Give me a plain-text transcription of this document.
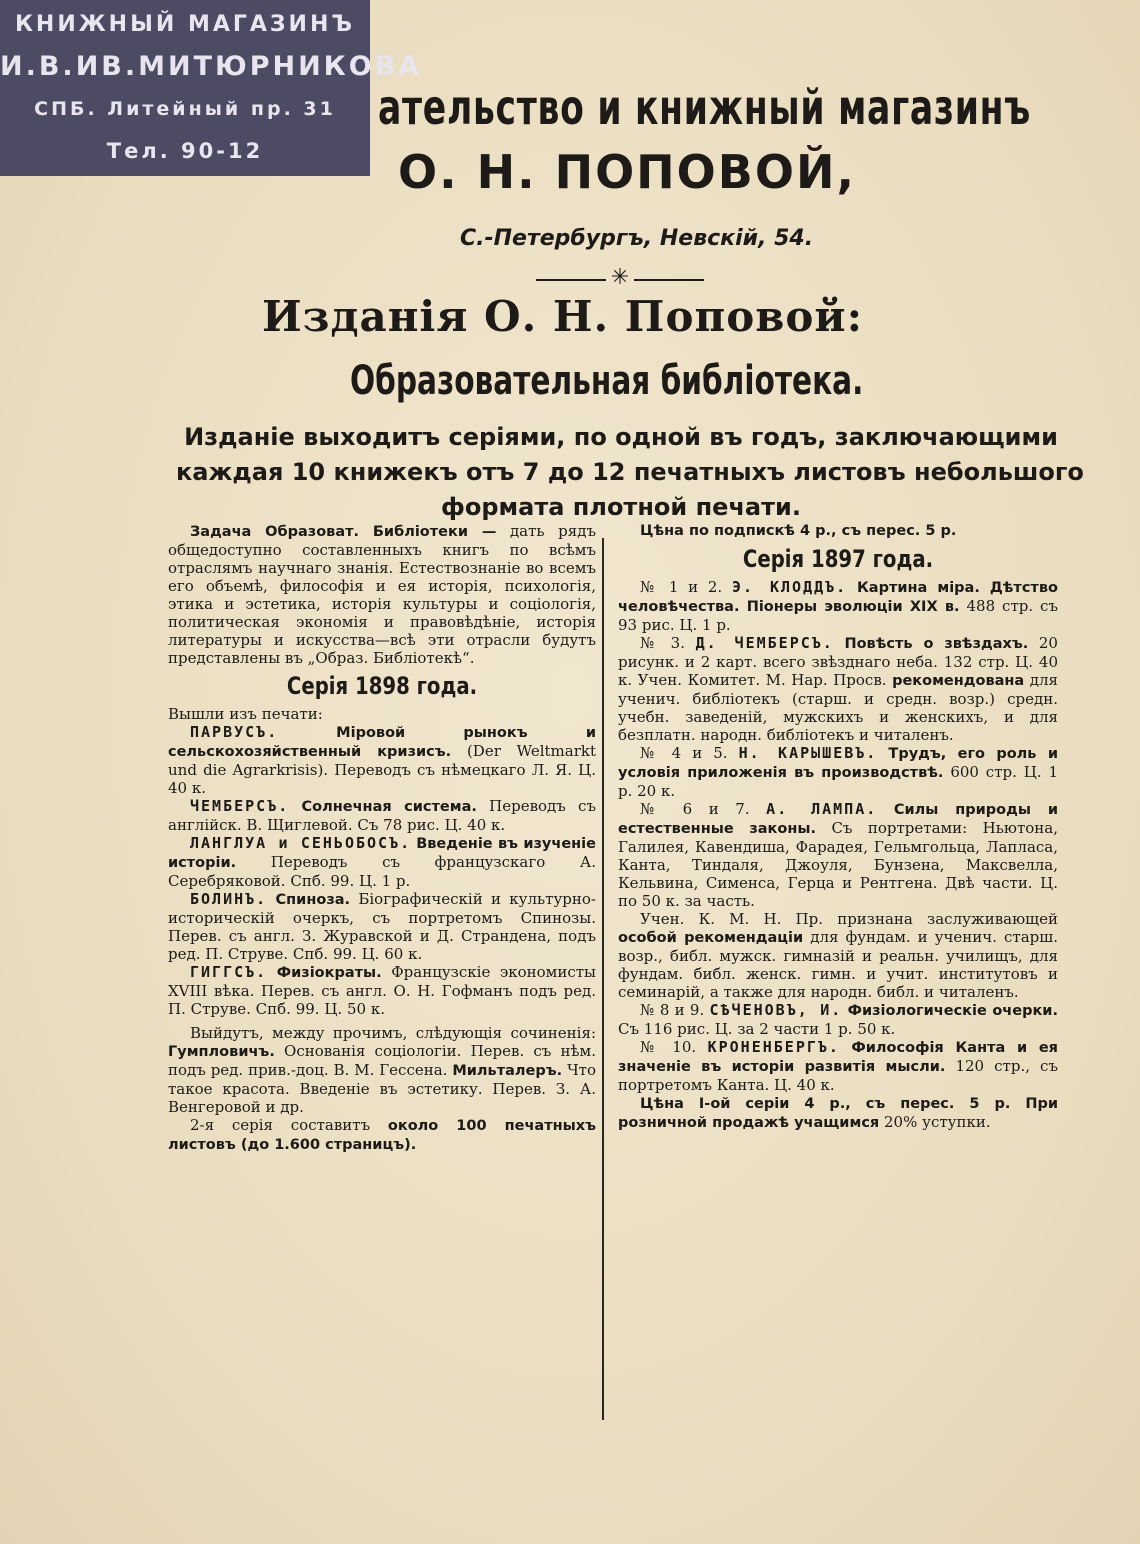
КНИЖНЫЙ МАГАЗИНЪ
И.В.ИВ.МИТЮРНИКОВА
СПБ. Литейный пр. 31
Тел. 90-12
ательство и книжный магазинъ
О. Н. ПОПОВОЙ,
С.-Петербургъ, Невскiй, 54.
✳
Изданiя О. Н. Поповой:
Образовательная библiотека.
Изданiе выходитъ серiями, по одной въ годъ, заключающими
каждая 10 книжекъ отъ 7 до 12 печатныхъ листовъ небольшого
формата плотной печати.

Задача Образоват. Библiотеки — дать рядъ общедоступно составленныхъ книгъ по всѣмъ отраслямъ научнаго знанiя. Естествознанiе во всемъ его объемѣ, философiя и ея исторiя, психологiя, этика и эстетика, исторiя культуры и соцiологiя, политическая экономiя и правовѣдѣнiе, исторiя литературы и искусства—всѣ эти отрасли будутъ представлены въ „Образ. Библiотекѣ“.

Серiя 1898 года.

Вышли изъ печати:

ПАРВУСЪ.	Мiровой рынокъ и сельскохозяйственный кризисъ. (Der Weltmarkt und die Agrarkrisis). Переводъ съ нѣмецкаго Л. Я. Ц. 40 к.

ЧЕМБЕРСЪ. Солнечная система. Переводъ съ англiйск. В. Щиглевой. Съ 78 рис. Ц. 40 к.

ЛАНГЛУА и СЕНЬОБОСЪ. Введенiе въ изученiе исторiи. Переводъ съ французскаго А. Серебряковой. Спб. 99. Ц. 1 р.

БОЛИНЪ. Спиноза. Бiографическiй и культурно-историческiй очеркъ, съ портретомъ Спинозы. Перев. съ англ. З. Журавской и Д. Страндена, подъ ред. П. Струве. Спб. 99. Ц. 60 к.

ГИГГСЪ. Физiократы. Французскiе экономисты XVIII вѣка. Перев. съ англ. О. Н. Гофманъ подъ ред. П. Струве. Спб. 99. Ц. 50 к.

Выйдутъ, между прочимъ, слѣдующiя сочиненiя: Гумпловичъ. Основанiя соцiологiи. Перев. съ нѣм. подъ ред. прив.-доц. В. М. Гессена. Мильталеръ. Что такое красота. Введенiе въ эстетику. Перев. З. А. Венгеровой и др.

2-я серiя составитъ около 100 печатныхъ листовъ (до 1.600 страницъ).

Цѣна по подпискѣ 4 р., съ перес. 5 р.

Серiя 1897 года.

№ 1 и 2. Э. КЛОДДЪ. Картина мiра. Дѣтство человѣчества. Пiонеры эволюцiи XIX в. 488 стр. съ 93 рис. Ц. 1 р.

№ 3. Д. ЧЕМБЕРСЪ. Повѣсть о звѣздахъ. 20 рисунк. и 2 карт. всего звѣзднаго неба. 132 стр. Ц. 40 к. Учен. Комитет. М. Нар. Просв. рекомендована для ученич. библiотекъ (старш. и средн. возр.) средн. учебн. заведенiй, мужскихъ и женскихъ, и для безплатн. народн. библiотекъ и читаленъ.

№ 4 и 5. Н. КАРЫШЕВЪ. Трудъ, его роль и условiя приложенiя въ производствѣ. 600 стр. Ц. 1 р. 20 к.

№ 6 и 7. А. ЛАМПА. Силы природы и естественные законы. Съ портретами: Ньютона, Галилея, Кавендиша, Фарадея, Гельмгольца, Лапласа, Канта, Тиндаля, Джоуля, Бунзена, Максвелла, Кельвина, Сименса, Герца и Рентгена. Двѣ части. Ц. по 50 к. за часть.

Учен. К. М. Н. Пр. признана заслуживающей особой рекомендацiи для фундам. и ученич. старш. возр., библ. мужск. гимназiй и реальн. училищъ, для фундам. библ. женск. гимн. и учит. институтовъ и семинарiй, а также для народн. библ. и читаленъ.

№ 8 и 9. СѢЧЕНОВЪ, И. Физiологическiе очерки. Съ 116 рис. Ц. за 2 части 1 р. 50 к.

№ 10. КРОНЕНБЕРГЪ. Философiя Канта и ея значенiе въ исторiи развитiя мысли. 120 стр., съ портретомъ Канта. Ц. 40 к.

Цѣна I-ой серiи 4 р., съ перес. 5 р. При розничной продажѣ учащимся 20% уступки.
